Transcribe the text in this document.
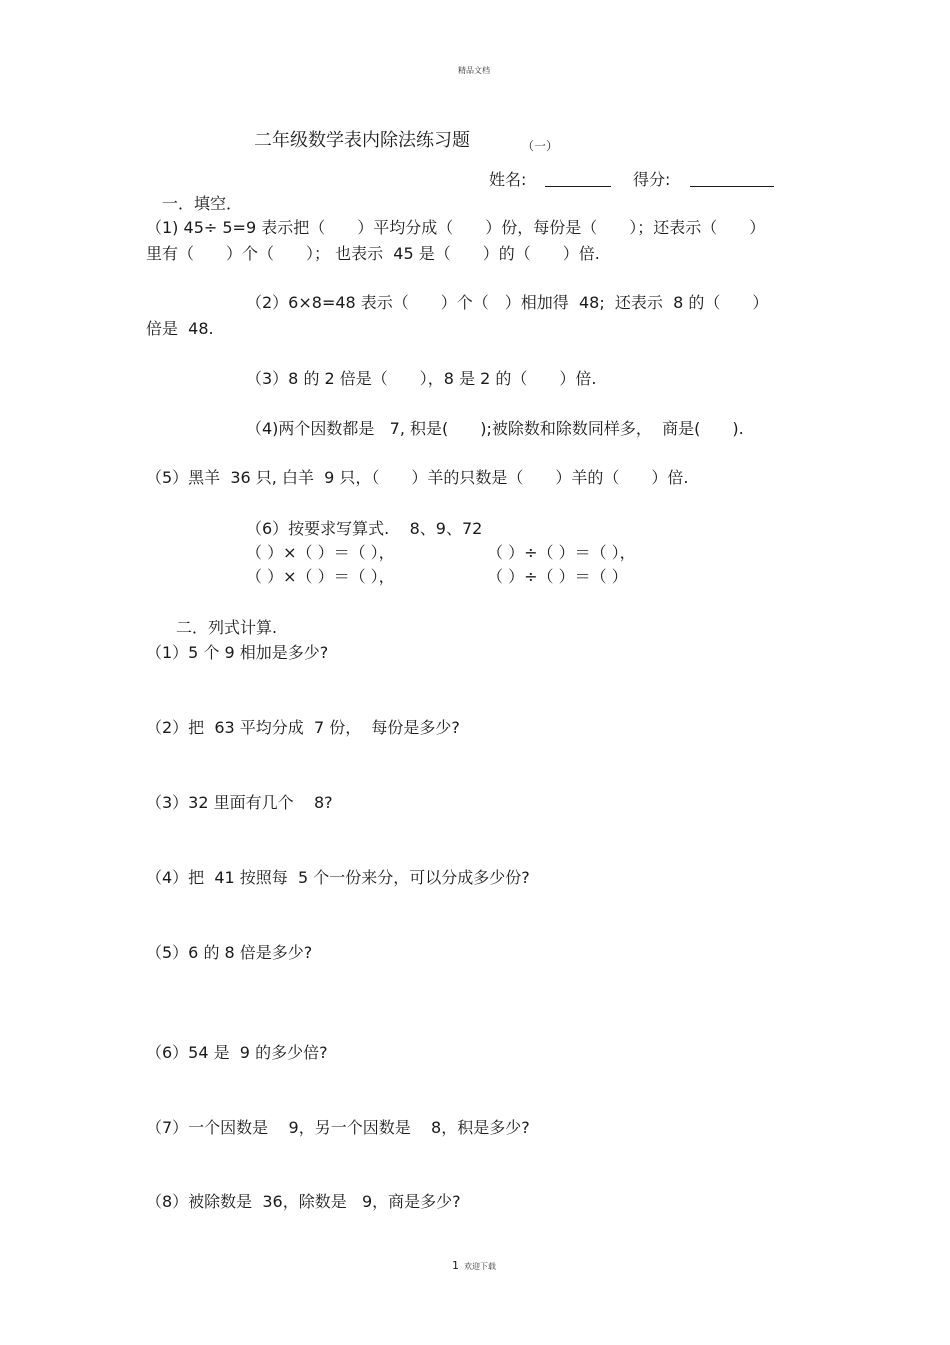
精品文档
二年级数学表内除法练习题	（一）
姓名:	得分:
一．填空．
（1) 45÷ 5=9 表示把（　　）平均分成（　　）份，每份是（　　）；还表示（　　）
里有（　　）个（　　）； 也表示  45 是（　　）的（　　）倍.
（2）6×8=48 表示（　　）个（　）相加得  48;  还表示  8 的（　　）
倍是  48.
（3）8 的 2 倍是（　　），8 是 2 的（　　）倍.
（4)两个因数都是   7, 积是(　　);被除数和除数同样多，  商是(　　).
（5）黑羊  36 只, 白羊  9 只，（　　）羊的只数是（　　）羊的（　　）倍.
（6）按要求写算式.    8、9、72
（ ）×（ ）＝（ ），	（ ）÷（ ）＝（ ），
（ ）×（ ）＝（ ），	（ ）÷（ ）＝（ ）
二．列式计算.
（1）5 个 9 相加是多少?
（2）把  63 平均分成  7 份，  每份是多少?
（3）32 里面有几个    8?
（4）把  41 按照每  5 个一份来分，可以分成多少份?
（5）6 的 8 倍是多少?
（6）54 是  9 的多少倍?
（7）一个因数是    9，另一个因数是    8，积是多少?
（8）被除数是  36，除数是   9，商是多少?
1 欢迎下载
